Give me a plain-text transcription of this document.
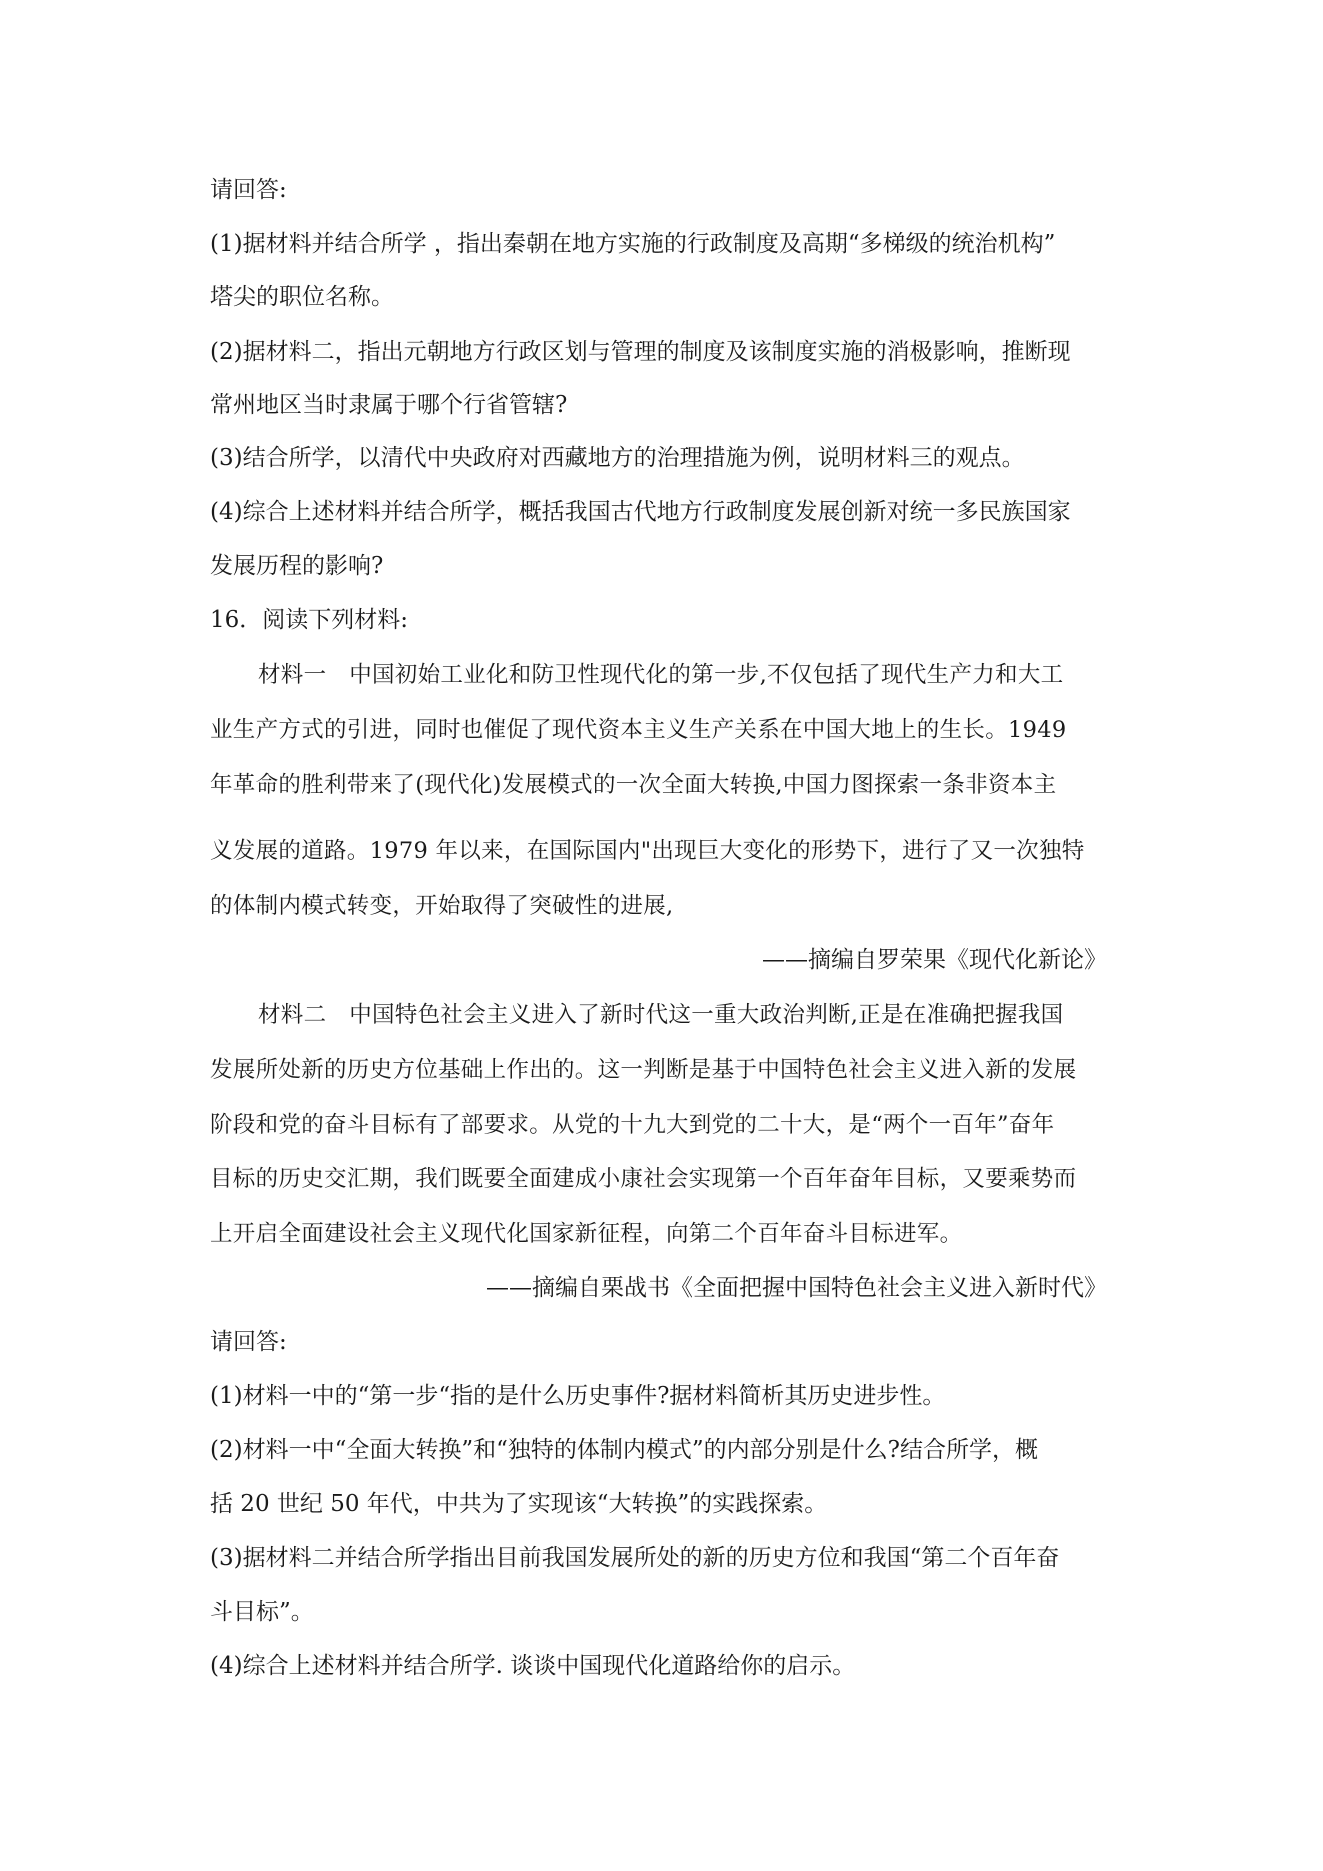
请回答:
(1)据材料并结合所学 ，指出秦朝在地方实施的行政制度及高期“多梯级的统治机构”
塔尖的职位名称。
(2)据材料二，指出元朝地方行政区划与管理的制度及该制度实施的消极影响，推断现
常州地区当时隶属于哪个行省管辖?
(3)结合所学，以清代中央政府对西藏地方的治理措施为例，说明材料三的观点。
(4)综合上述材料并结合所学，概括我国古代地方行政制度发展创新对统一多民族国家
发展历程的影响?
16．阅读下列材料:
材料一　中国初始工业化和防卫性现代化的第一步,不仅包括了现代生产力和大工
业生产方式的引进，同时也催促了现代资本主义生产关系在中国大地上的生长。1949
年革命的胜利带来了(现代化)发展模式的一次全面大转换,中国力图探索一条非资本主
义发展的道路。1979 年以来，在国际国内"出现巨大变化的形势下，进行了又一次独特
的体制内模式转变，开始取得了突破性的进展,
——摘编自罗荣果《现代化新论》
材料二　中国特色社会主义进入了新时代这一重大政治判断,正是在准确把握我国
发展所处新的历史方位基础上作出的。这一判断是基于中国特色社会主义进入新的发展
阶段和党的奋斗目标有了部要求。从党的十九大到党的二十大，是“两个一百年”奋年
目标的历史交汇期，我们既要全面建成小康社会实现第一个百年奋年目标，又要乘势而
上开启全面建设社会主义现代化国家新征程，向第二个百年奋斗目标进军。
——摘编自栗战书《全面把握中国特色社会主义进入新时代》
请回答:
(1)材料一中的“第一步“指的是什么历史事件?据材料简析其历史进步性。
(2)材料一中“全面大转换”和“独特的体制内模式”的内部分别是什么?结合所学，概
括 20 世纪 50 年代，中共为了实现该“大转换”的实践探索。
(3)据材料二并结合所学指出目前我国发展所处的新的历史方位和我国“第二个百年奋
斗目标”。
(4)综合上述材料并结合所学. 谈谈中国现代化道路给你的启示。
